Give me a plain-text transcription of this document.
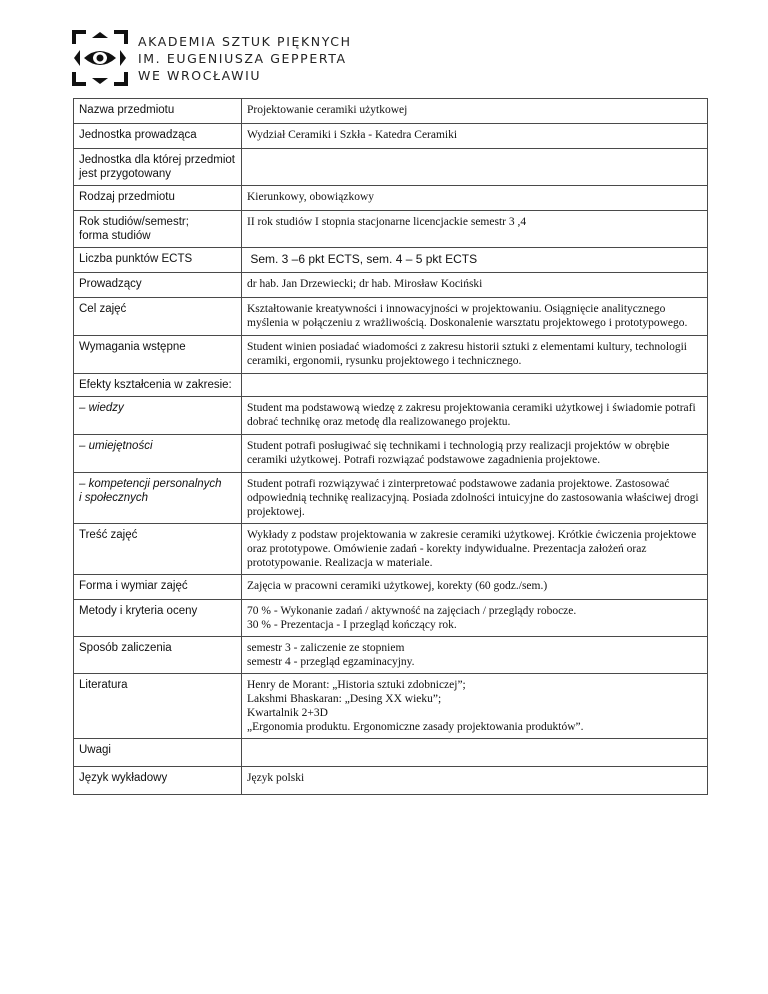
AKADEMIA SZTUK PIĘKNYCH
IM. EUGENIUSZA GEPPERTA
WE WROCŁAWIU
Nazwa przedmiotu	Projektowanie ceramiki użytkowej
Jednostka prowadząca	Wydział Ceramiki i Szkła - Katedra Ceramiki
Jednostka dla której przedmiot jest przygotowany	
Rodzaj przedmiotu	Kierunkowy, obowiązkowy
Rok studiów/semestr;
forma studiów	II rok studiów I stopnia stacjonarne licencjackie semestr 3 ,4
Liczba punktów ECTS	Sem. 3 –6 pkt ECTS, sem. 4 – 5 pkt ECTS
Prowadzący	dr hab. Jan Drzewiecki; dr hab. Mirosław Kociński
Cel zajęć	Kształtowanie kreatywności i innowacyjności w projektowaniu. Osiągnięcie analitycznego myślenia w połączeniu z wrażliwością. Doskonalenie warsztatu projektowego i prototypowego.
Wymagania wstępne	Student winien posiadać wiadomości z zakresu historii sztuki z elementami kultury, technologii ceramiki, ergonomii, rysunku projektowego i technicznego.
Efekty kształcenia w zakresie:	
– wiedzy	Student ma podstawową wiedzę z zakresu projektowania ceramiki użytkowej i świadomie potrafi dobrać technikę oraz metodę dla realizowanego projektu.
– umiejętności	Student potrafi posługiwać się technikami i technologią przy realizacji projektów w obrębie ceramiki użytkowej. Potrafi rozwiązać podstawowe zagadnienia projektowe.
– kompetencji personalnych
i społecznych	Student potrafi rozwiązywać i zinterpretować podstawowe zadania projektowe. Zastosować odpowiednią technikę realizacyjną. Posiada zdolności intuicyjne do zastosowania właściwej drogi projektowej.
Treść zajęć	Wykłady z podstaw projektowania w zakresie ceramiki użytkowej. Krótkie ćwiczenia projektowe oraz prototypowe. Omówienie zadań - korekty indywidualne. Prezentacja założeń oraz prototypowanie. Realizacja w materiale.
Forma i wymiar zajęć	Zajęcia w pracowni ceramiki użytkowej, korekty (60 godz./sem.)
Metody i kryteria oceny	70 % - Wykonanie zadań / aktywność na zajęciach / przeglądy robocze.
30 % - Prezentacja - I przegląd kończący rok.
Sposób zaliczenia	semestr 3 - zaliczenie ze stopniem
semestr 4 - przegląd egzaminacyjny.
Literatura	Henry de Morant: „Historia sztuki zdobniczej”;
Lakshmi Bhaskaran: „Desing XX wieku”;
Kwartalnik 2+3D
„Ergonomia produktu. Ergonomiczne zasady projektowania produktów”.
Uwagi	
Język wykładowy	Język polski
